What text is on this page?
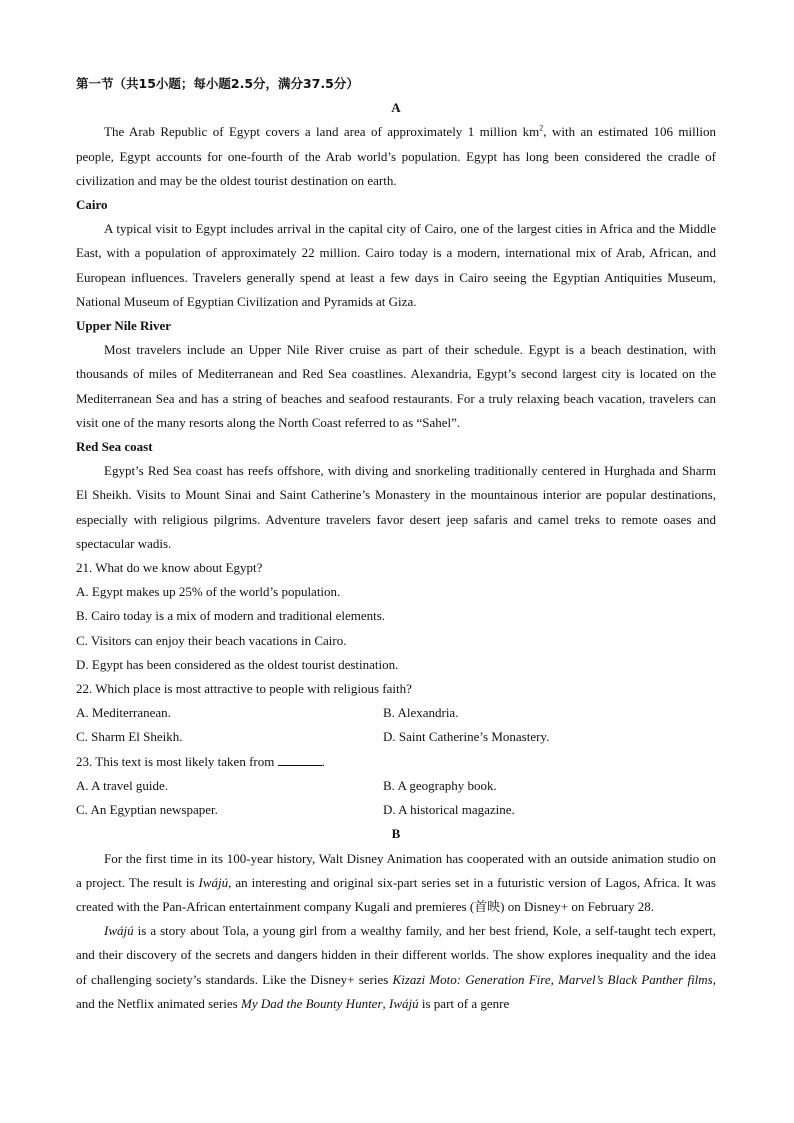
第一节（共15小题；每小题2.5分，满分37.5分）
A

The Arab Republic of Egypt covers a land area of approximately 1 million $km^2$, with an estimated 106 million people, Egypt accounts for one-fourth of the Arab world’s population. Egypt has long been considered the cradle of civilization and may be the oldest tourist destination on earth.

Cairo

A typical visit to Egypt includes arrival in the capital city of Cairo, one of the largest cities in Africa and the Middle East, with a population of approximately 22 million. Cairo today is a modern, international mix of Arab, African, and European influences. Travelers generally spend at least a few days in Cairo seeing the Egyptian Antiquities Museum, National Museum of Egyptian Civilization and Pyramids at Giza.

Upper Nile River

Most travelers include an Upper Nile River cruise as part of their schedule. Egypt is a beach destination, with thousands of miles of Mediterranean and Red Sea coastlines. Alexandria, Egypt’s second largest city is located on the Mediterranean Sea and has a string of beaches and seafood restaurants. For a truly relaxing beach vacation, travelers can visit one of the many resorts along the North Coast referred to as “Sahel”.

Red Sea coast

Egypt’s Red Sea coast has reefs offshore, with diving and snorkeling traditionally centered in Hurghada and Sharm El Sheikh. Visits to Mount Sinai and Saint Catherine’s Monastery in the mountainous interior are popular destinations, especially with religious pilgrims. Adventure travelers favor desert jeep safaris and camel treks to remote oases and spectacular wadis.

21. What do we know about Egypt?
A. Egypt makes up 25% of the world’s population.
B. Cairo today is a mix of modern and traditional elements.
C. Visitors can enjoy their beach vacations in Cairo.
D. Egypt has been considered as the oldest tourist destination.
22. Which place is most attractive to people with religious faith?
A. Mediterranean.	B. Alexandria.
C. Sharm El Sheikh.	D. Saint Catherine’s Monastery.
23. This text is most likely taken from	.
A. A travel guide.	B. A geography book.
C. An Egyptian newspaper.	D. A historical magazine.
B

For the first time in its 100-year history, Walt Disney Animation has cooperated with an outside animation studio on a project. The result is Iwájú, an interesting and original six-part series set in a futuristic version of Lagos, Africa. It was created with the Pan-African entertainment company Kugali and premieres (首映) on Disney+ on February 28.

Iwájú is a story about Tola, a young girl from a wealthy family, and her best friend, Kole, a self-taught tech expert, and their discovery of the secrets and dangers hidden in their different worlds. The show explores inequality and the idea of challenging society’s standards. Like the Disney+ series Kizazi Moto: Generation Fire, Marvel’s Black Panther films, and the Netflix animated series My Dad the Bounty Hunter, Iwájú is part of a genre
